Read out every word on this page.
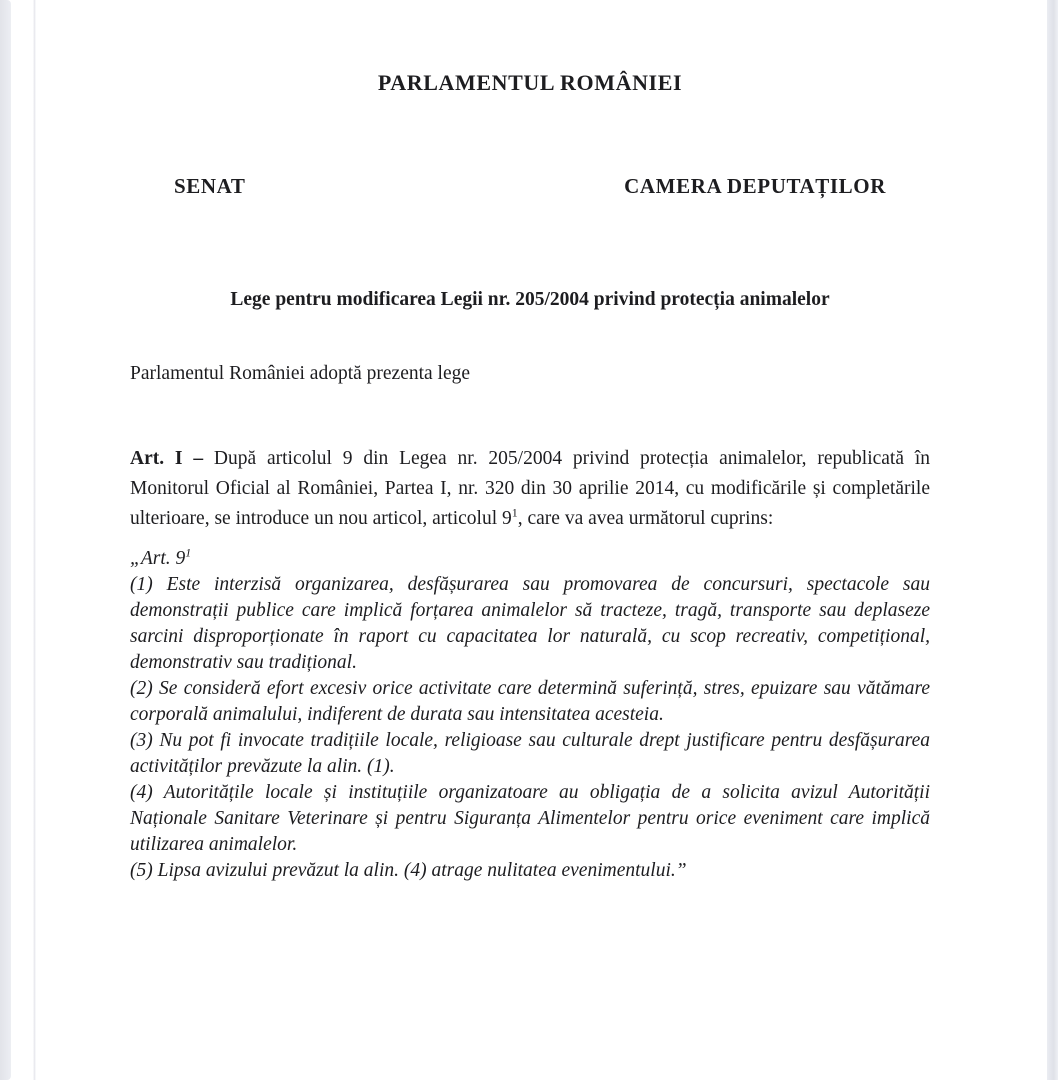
PARLAMENTUL ROMÂNIEI
SENAT	CAMERA DEPUTAȚILOR
Lege pentru modificarea Legii nr. 205/2004 privind protecția animalelor
Parlamentul României adoptă prezenta lege

Art. I – După articolul 9 din Legea nr. 205/2004 privind protecția animalelor, republicată în Monitorul Oficial al României, Partea I, nr. 320 din 30 aprilie 2014, cu modificările și completările ulterioare, se introduce un nou articol, articolul $9^1$, care va avea următorul cuprins:

„Art. $9^1$

(1) Este interzisă organizarea, desfășurarea sau promovarea de concursuri, spectacole sau demonstrații publice care implică forțarea animalelor să tracteze, tragă, transporte sau deplaseze sarcini disproporționate în raport cu capacitatea lor naturală, cu scop recreativ, competițional, demonstrativ sau tradițional.

(2) Se consideră efort excesiv orice activitate care determină suferință, stres, epuizare sau vătămare corporală animalului, indiferent de durata sau intensitatea acesteia.

(3) Nu pot fi invocate tradițiile locale, religioase sau culturale drept justificare pentru desfășurarea activităților prevăzute la alin. (1).

(4) Autoritățile locale și instituțiile organizatoare au obligația de a solicita avizul Autorității Naționale Sanitare Veterinare și pentru Siguranța Alimentelor pentru orice eveniment care implică utilizarea animalelor.

(5) Lipsa avizului prevăzut la alin. (4) atrage nulitatea evenimentului.”
